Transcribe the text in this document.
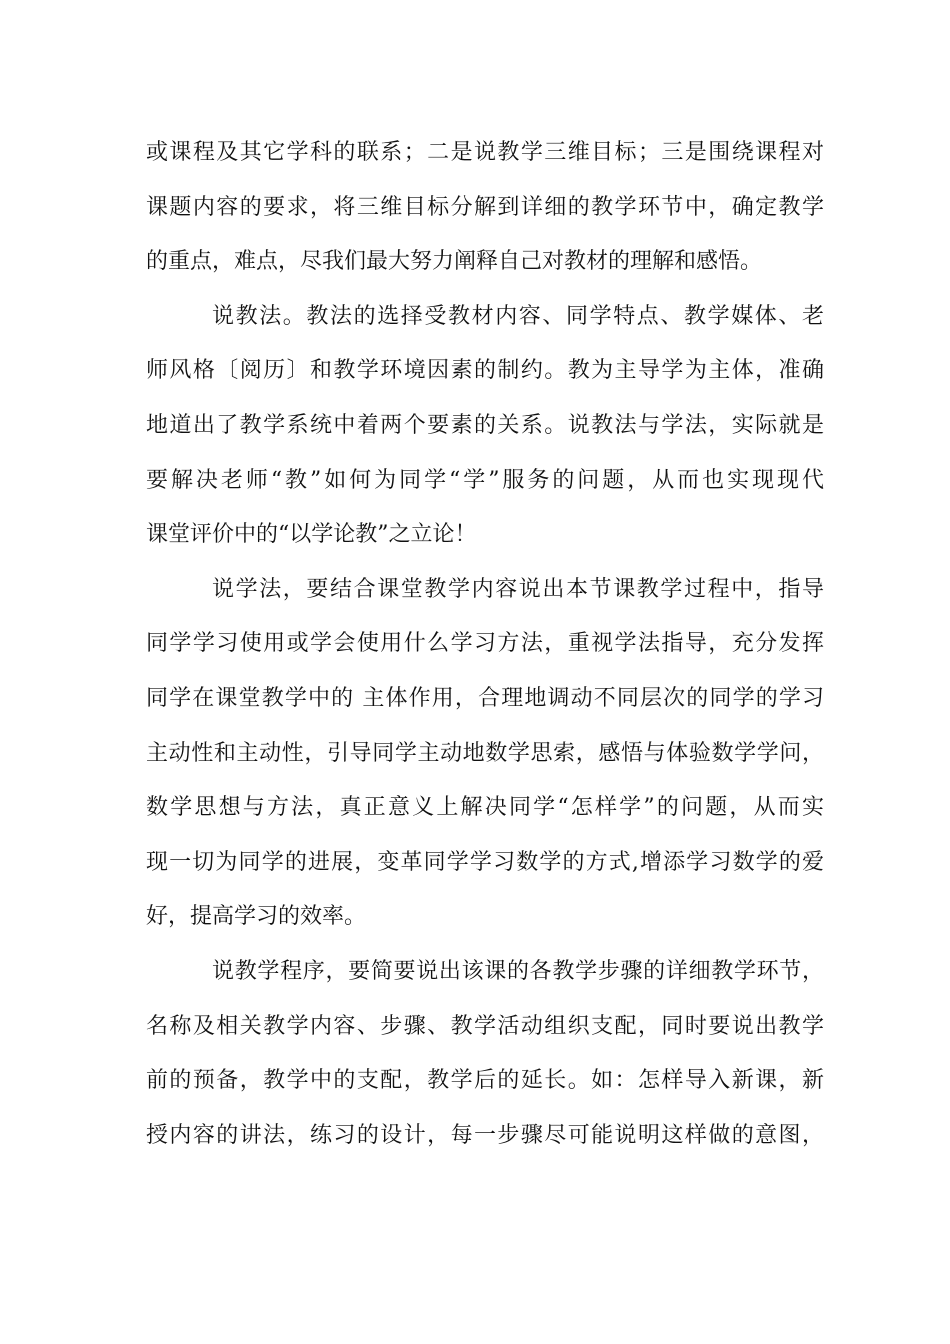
或课程及其它学科的联系；二是说教学三维目标；三是围绕课程对
课题内容的要求，将三维目标分解到详细的教学环节中，确定教学
的重点，难点，尽我们最大努力阐释自己对教材的理解和感悟。
说教法。教法的选择受教材内容、同学特点、教学媒体、老
师风格〔阅历〕和教学环境因素的制约。教为主导学为主体，准确
地道出了教学系统中着两个要素的关系。说教法与学法，实际就是
要解决老师“教”如何为同学“学”服务的问题，从而也实现现代
课堂评价中的“以学论教”之立论！
说学法，要结合课堂教学内容说出本节课教学过程中，指导
同学学习使用或学会使用什么学习方法，重视学法指导，充分发挥
同学在课堂教学中的 主体作用，合理地调动不同层次的同学的学习
主动性和主动性，引导同学主动地数学思索，感悟与体验数学学问，
数学思想与方法，真正意义上解决同学“怎样学”的问题，从而实
现一切为同学的进展，变革同学学习数学的方式,增添学习数学的爱
好，提高学习的效率。
说教学程序，要简要说出该课的各教学步骤的详细教学环节，
名称及相关教学内容、步骤、教学活动组织支配，同时要说出教学
前的预备，教学中的支配，教学后的延长。如：怎样导入新课，新
授内容的讲法，练习的设计，每一步骤尽可能说明这样做的意图，
